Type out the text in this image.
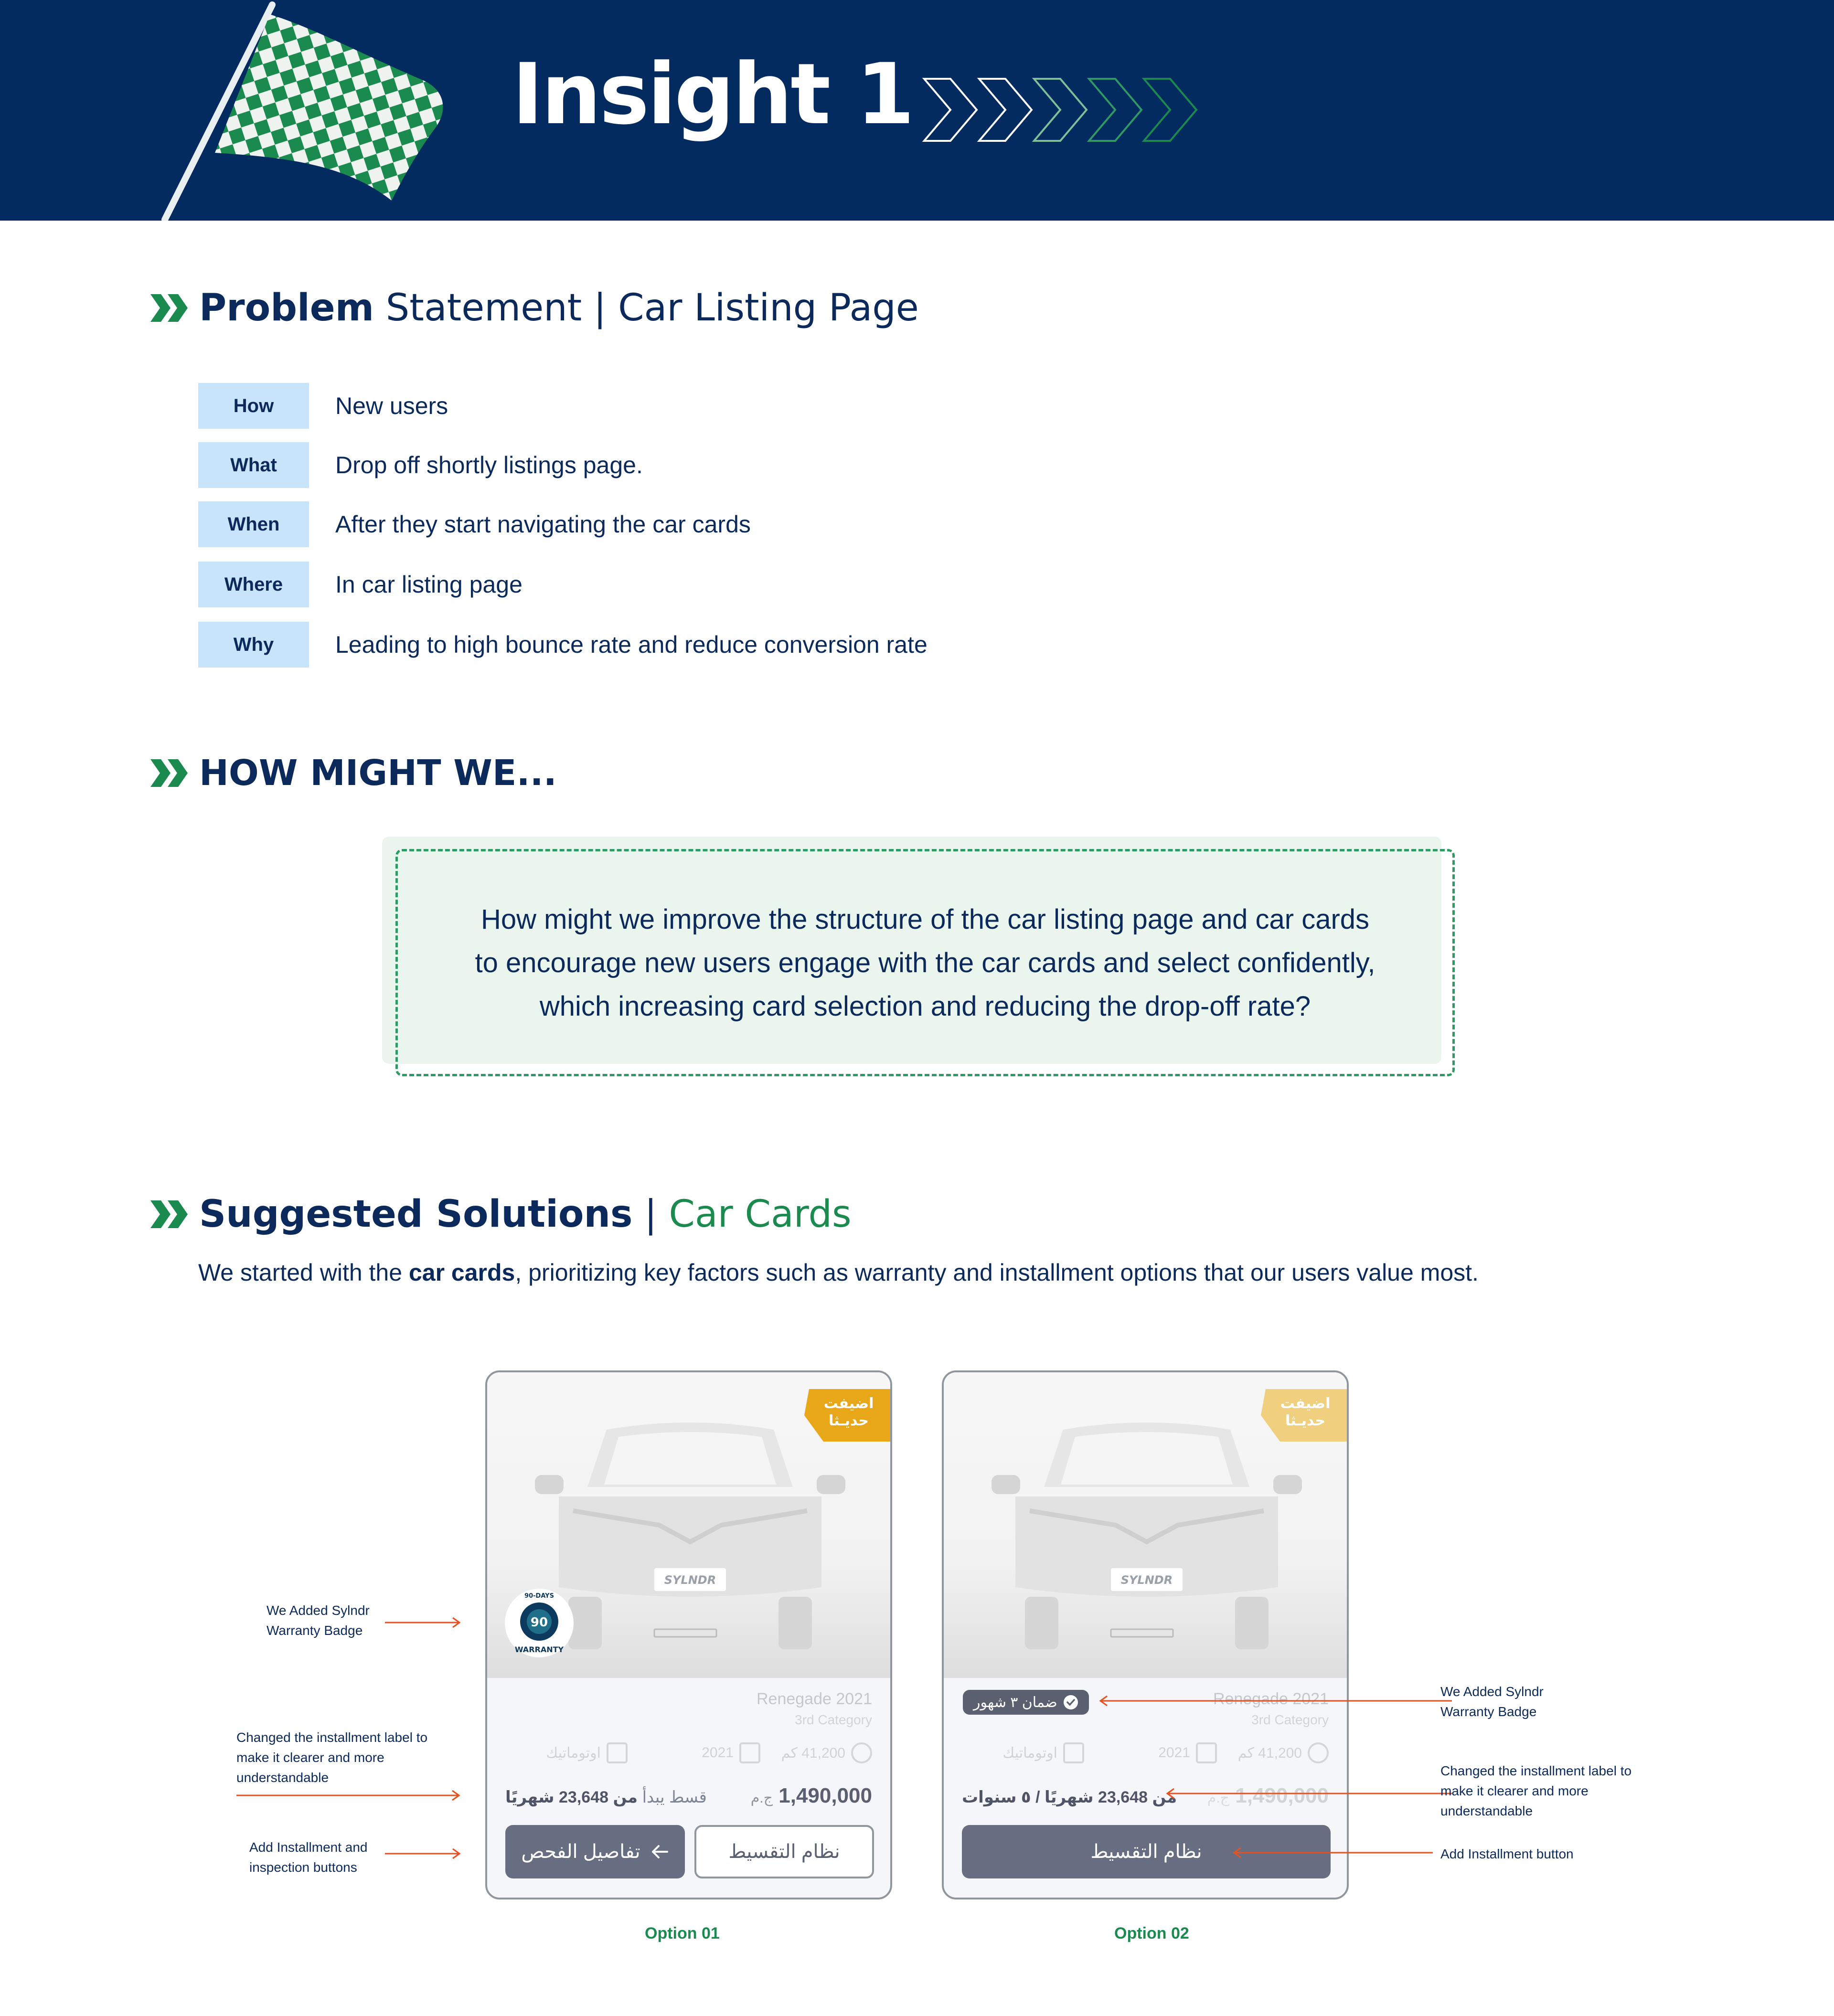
Insight 1
Problem Statement | Car Listing Page
How	New users
What	Drop off shortly listings page.
When	After they start navigating the car cards
Where	In car listing page
Why	Leading to high bounce rate and reduce conversion rate
HOW MIGHT WE...
How might we improve the structure of the car listing page and car cards
to encourage new users engage with the car cards and select confidently,
which increasing card selection and reducing the drop-off rate?
Suggested Solutions | Car Cards
We started with the car cards, prioritizing key factors such as warranty and installment options that our users value most.
SYLNDR
اضيفت حديـثا
90
90-DAYS
WARRANTY
Renegade 2021
3rd Category
41,200 كم
2021
اوتوماتيك
ج.م 1,490,000
قسط يبدأ من 23,648 شهريًا
تفاصيل الفحص	نظام التقسيط
Option 01
SYLNDR
اضيفت حديـثا
Renegade 2021
3rd Category
ضمان ٣ شهور
41,200 كم
2021
اوتوماتيك
ج.م 1,490,000
من 23,648 شهريًا / ٥ سنوات
نظام التقسيط
Option 02
We Added Sylndr
Warranty Badge
Changed the installment label to
make it clearer and more
understandable
Add Installment and
inspection buttons
We Added Sylndr
Warranty Badge
Changed the installment label to
make it clearer and more
understandable
Add Installment button
